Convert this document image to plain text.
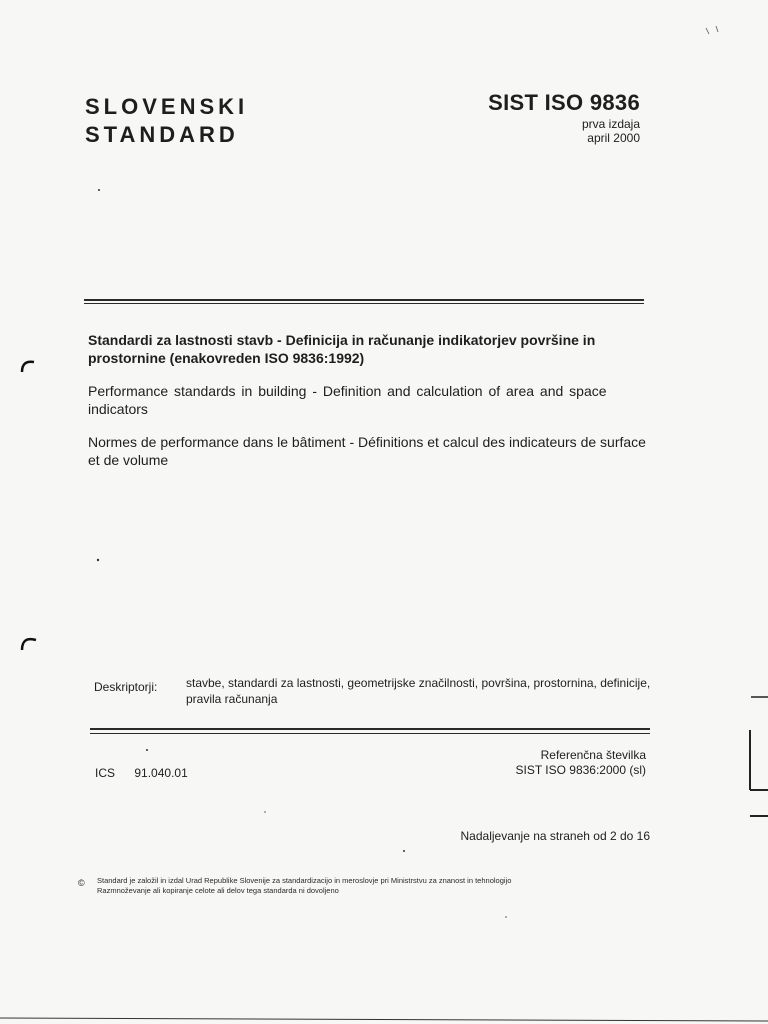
SLOVENSKI
STANDARD
SIST ISO 9836
prva izdaja
april 2000
Standardi za lastnosti stavb - Definicija in računanje indikatorjev površine in prostornine (enakovreden ISO 9836:1992)
Performance standards in building - Definition and calculation of area and space indicators
Normes de performance dans le bâtiment - Définitions et calcul des indicateurs de surface et de volume
Deskriptorji: stavbe, standardi za lastnosti, geometrijske značilnosti, površina, prostornina, definicije, pravila računanja
Referenčna številka
SIST ISO 9836:2000 (sl)
ICS 91.040.01
Nadaljevanje na straneh od 2 do 16
© Standard je založil in izdal Urad Republike Slovenije za standardizacijo in meroslovje pri Ministrstvu za znanost in tehnologijo
Razmnoževanje ali kopiranje celote ali delov tega standarda ni dovoljeno
